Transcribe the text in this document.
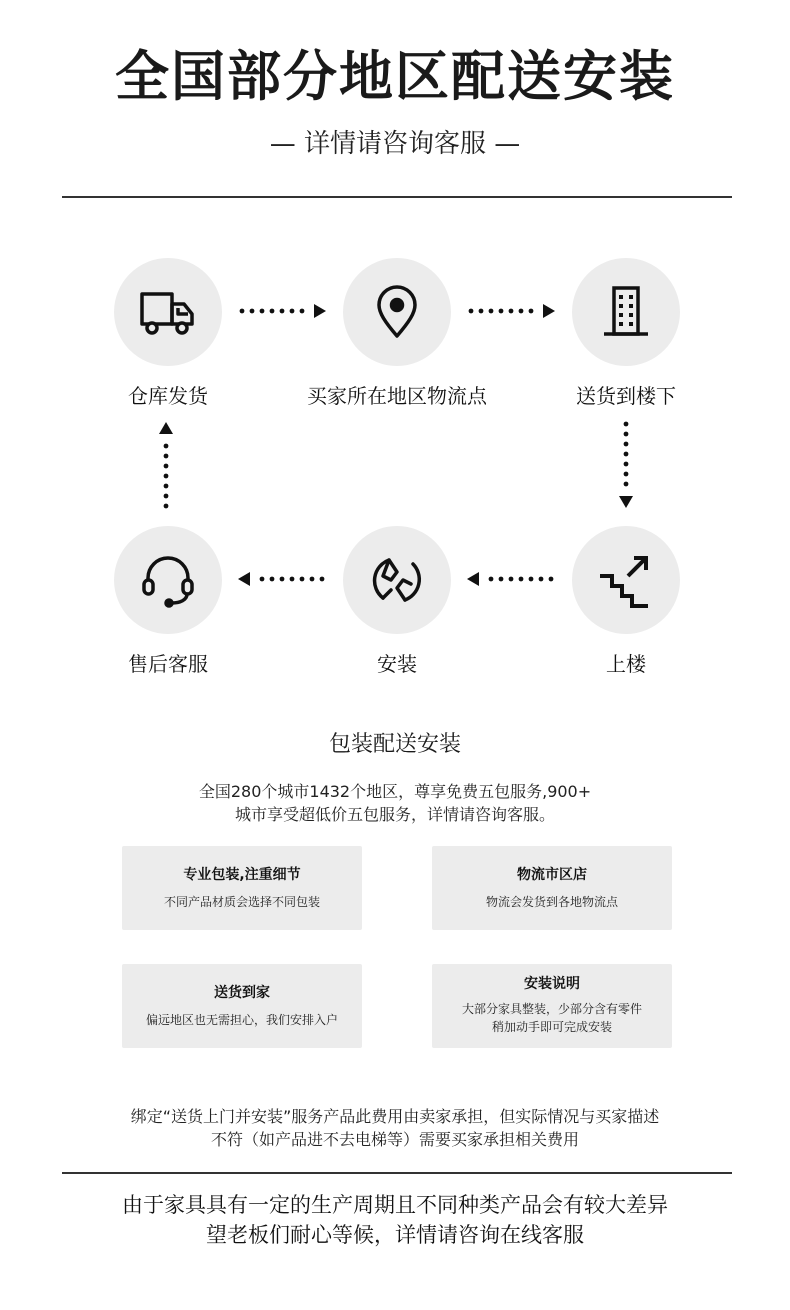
全国部分地区配送安装
— 详情请咨询客服 —
仓库发货	买家所在地区物流点	送货到楼下
售后客服	安装	上楼
包装配送安装
全国280个城市1432个地区，尊享免费五包服务,900+
城市享受超低价五包服务，详情请咨询客服。
专业包装,注重细节
不同产品材质会选择不同包装
物流市区店
物流会发货到各地物流点
送货到家
偏远地区也无需担心，我们安排入户
安装说明
大部分家具整装，少部分含有零件
稍加动手即可完成安装
绑定“送货上门并安装”服务产品此费用由卖家承担，但实际情况与买家描述
不符（如产品进不去电梯等）需要买家承担相关费用
由于家具具有一定的生产周期且不同种类产品会有较大差异
望老板们耐心等候，详情请咨询在线客服
